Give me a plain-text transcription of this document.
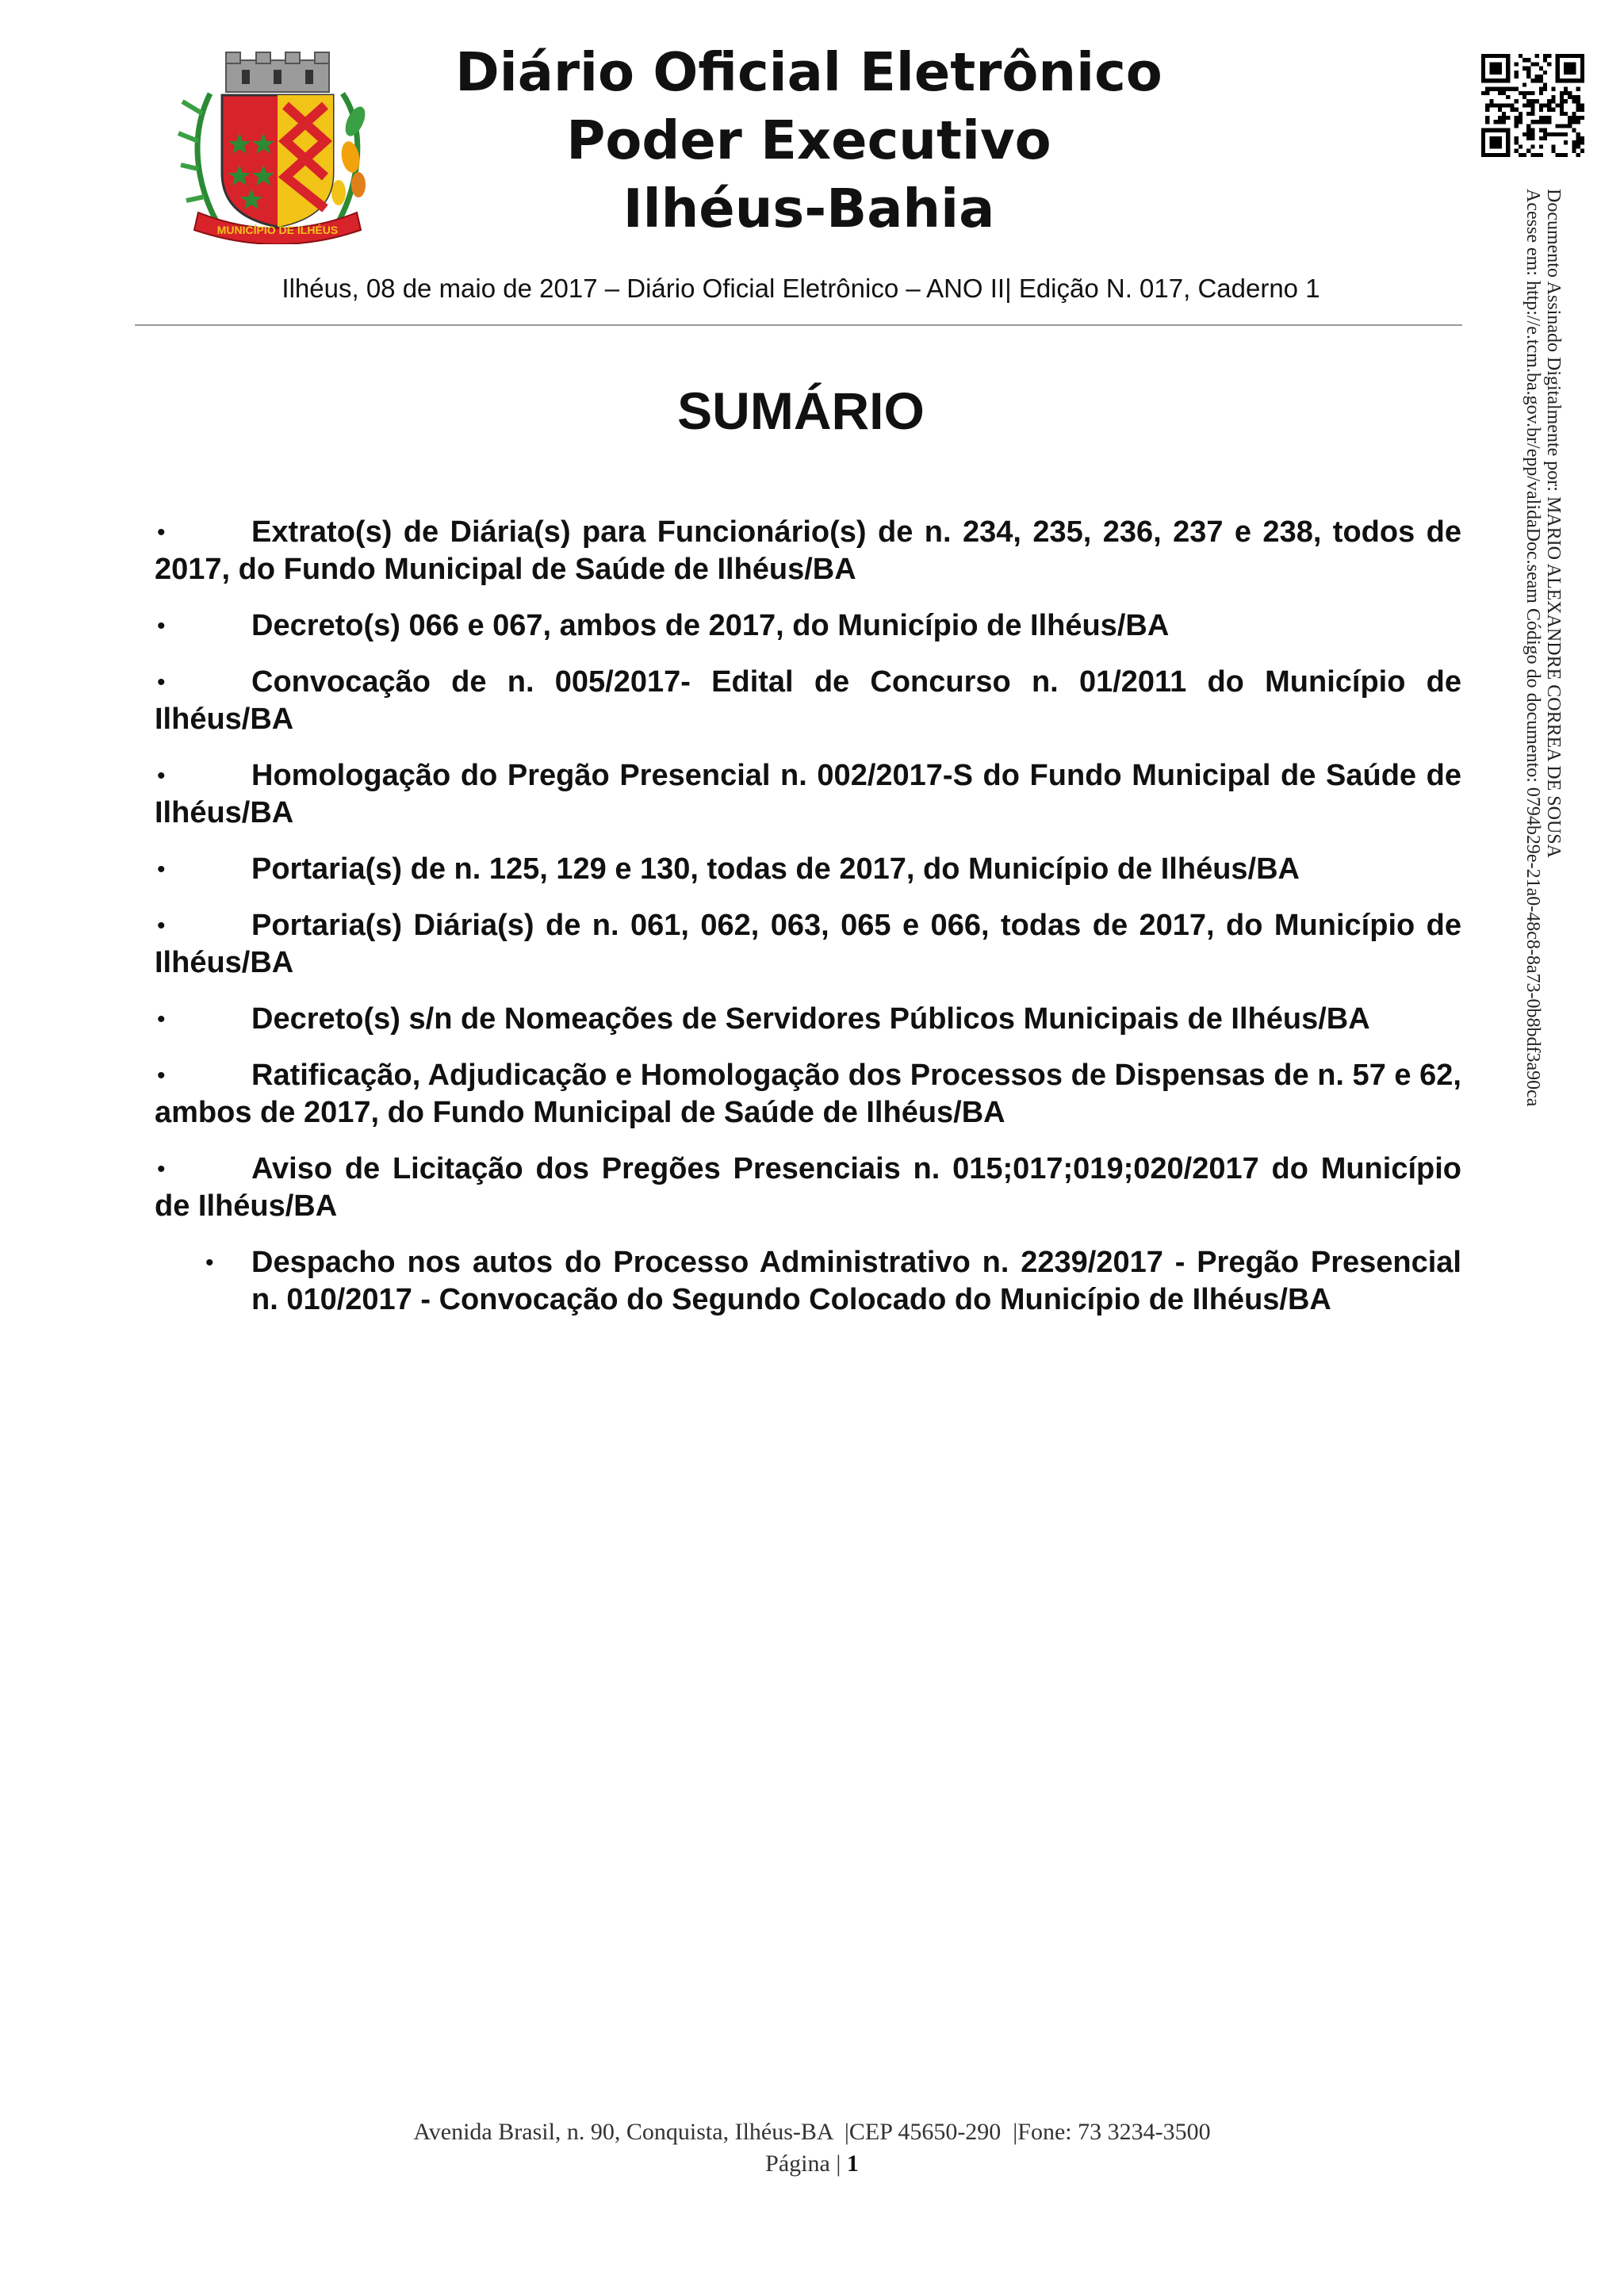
MUNICÍPIO DE ILHÉUS
Diário Oficial Eletrônico
Poder Executivo
Ilhéus-Bahia
Ilhéus, 08 de maio de 2017 – Diário Oficial Eletrônico – ANO II| Edição N. 017, Caderno 1
SUMÁRIO
•	Extrato(s) de Diária(s) para Funcionário(s) de n. 234, 235, 236, 237 e 238, todos de 2017, do Fundo Municipal de Saúde de Ilhéus/BA
•	Decreto(s) 066 e 067, ambos de 2017, do Município de Ilhéus/BA
•	Convocação de n. 005/2017- Edital de Concurso n. 01/2011 do Município de Ilhéus/BA
•	Homologação do Pregão Presencial n. 002/2017-S do Fundo Municipal de Saúde de Ilhéus/BA
•	Portaria(s) de n. 125, 129 e 130, todas de 2017, do Município de Ilhéus/BA
•	Portaria(s) Diária(s) de n. 061, 062, 063, 065 e 066, todas de 2017, do Município de Ilhéus/BA
•	Decreto(s) s/n de Nomeações de Servidores Públicos Municipais de Ilhéus/BA
•	Ratificação, Adjudicação e Homologação dos Processos de Dispensas de n. 57 e 62, ambos de 2017, do Fundo Municipal de Saúde de Ilhéus/BA
•	Aviso de Licitação dos Pregões Presenciais n. 015;017;019;020/2017 do Município de Ilhéus/BA
• Despacho nos autos do Processo Administrativo n. 2239/2017 - Pregão Presencial n. 010/2017 - Convocação do Segundo Colocado do Município de Ilhéus/BA
Documento Assinado Digitalmente por: MARIO ALEXANDRE CORREA DE SOUSA
Acesse em: http://e.tcm.ba.gov.br/epp/validaDoc.seam Código do documento: 0794b29e-21a0-48c8-8a73-0b8bdf3a90ca
Avenida Brasil, n. 90, Conquista, Ilhéus-BA  |CEP 45650-290  |Fone: 73 3234-3500
Página | 1
